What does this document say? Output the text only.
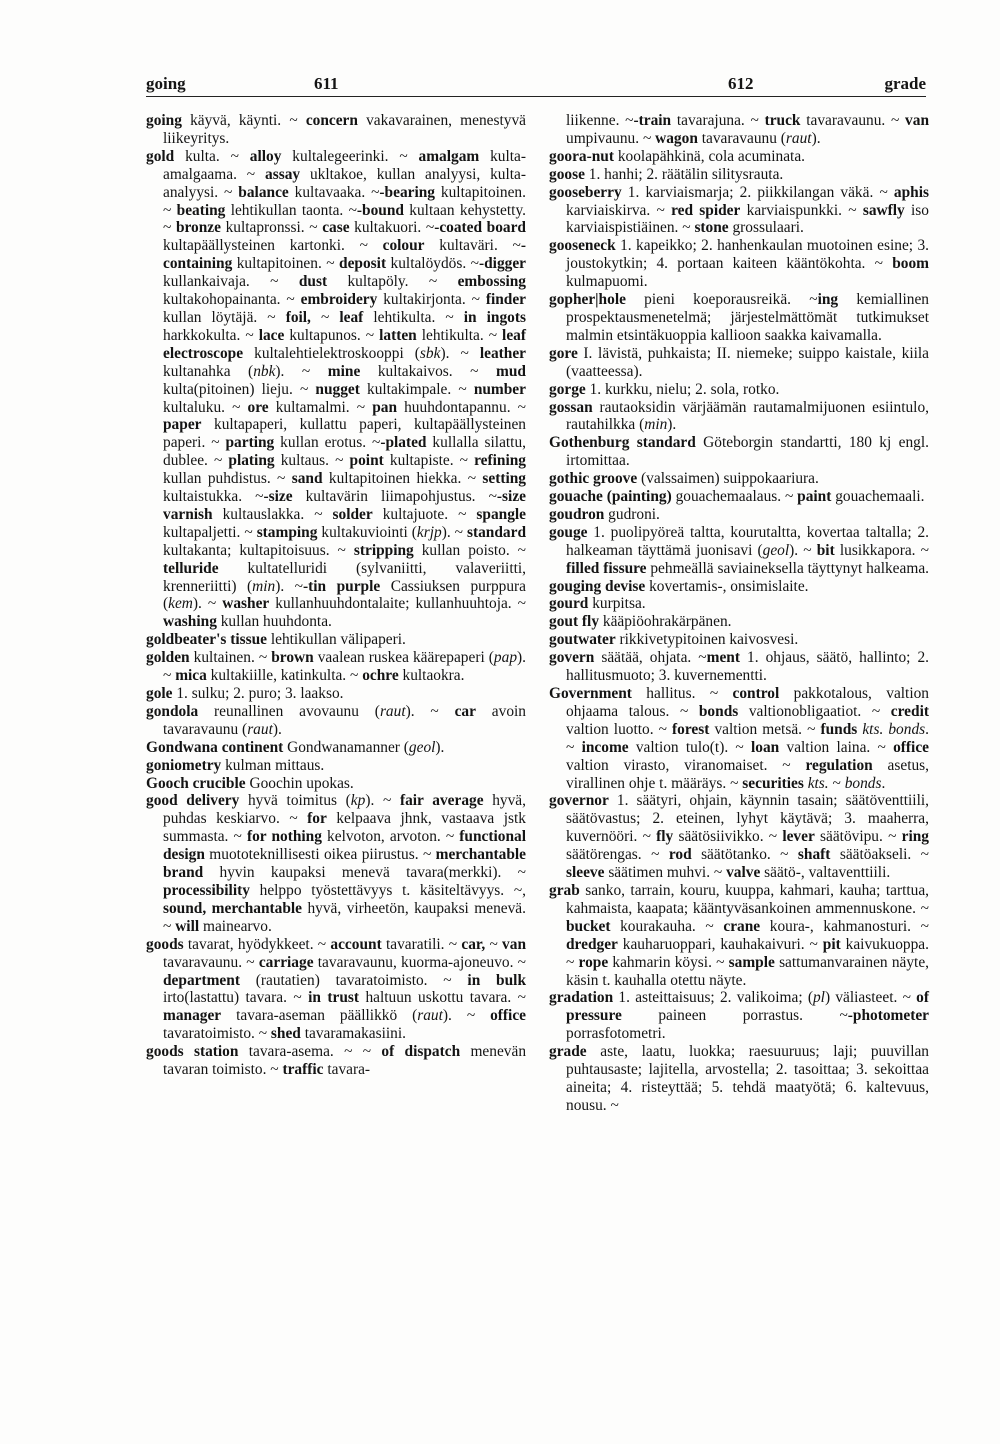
going	611	612	grade

going käyvä, käynti. ~ concern vakavarainen, menestyvä liikeyritys.

gold kulta. ~ alloy kultalegeerinki. ~ amalgam kulta-amalgaama. ~ assay ukltakoe, kullan analyysi, kulta-analyysi. ~ balance kultavaaka. ~-bearing kultapitoinen. ~ beating lehtikullan taonta. ~-bound kultaan kehystetty. ~ bronze kultapronssi. ~ case kultakuori. ~-coated board kultapäällysteinen kartonki. ~ colour kultaväri. ~-containing kultapitoinen. ~ deposit kultalöydös. ~-digger kullankaivaja. ~ dust kultapöly. ~ embossing kultakohopainanta. ~ embroidery kultakirjonta. ~ finder kullan löytäjä. ~ foil, ~ leaf lehtikulta. ~ in ingots harkkokulta. ~ lace kultapunos. ~ latten lehtikulta. ~ leaf electroscope kultalehtielektroskooppi (sbk). ~ leather kultanahka (nbk). ~ mine kultakaivos. ~ mud kulta(pitoinen) lieju. ~ nugget kultakimpale. ~ number kultaluku. ~ ore kultamalmi. ~ pan huuhdontapannu. ~ paper kultapaperi, kullattu paperi, kultapäällysteinen paperi. ~ parting kullan erotus. ~-plated kullalla silattu, dublee. ~ plating kultaus. ~ point kultapiste. ~ refining kullan puhdistus. ~ sand kultapitoinen hiekka. ~ setting kultaistukka. ~-size kultavärin liimapohjustus. ~-size varnish kultauslakka. ~ solder kultajuote. ~ spangle kultapaljetti. ~ stamping kultakuviointi (krjp). ~ standard kultakanta; kultapitoisuus. ~ stripping kullan poisto. ~ telluride kultatelluridi (sylvaniitti, valaveriitti, krenneriitti) (min). ~-tin purple Cassiuksen purppura (kem). ~ washer kullanhuuhdontalaite; kullanhuuhtoja. ~ washing kullan huuhdonta.

goldbeater's tissue lehtikullan välipaperi.

golden kultainen. ~ brown vaalean ruskea käärepaperi (pap). ~ mica kultakiille, katinkulta. ~ ochre kultaokra.

gole 1. sulku; 2. puro; 3. laakso.

gondola reunallinen avovaunu (raut). ~ car avoin tavaravaunu (raut).

Gondwana continent Gondwanamanner (geol).

goniometry kulman mittaus.

Gooch crucible Goochin upokas.

good delivery hyvä toimitus (kp). ~ fair average hyvä, puhdas keskiarvo. ~ for kelpaava jhnk, vastaava jstk summasta. ~ for nothing kelvoton, arvoton. ~ functional design muototeknillisesti oikea piirustus. ~ merchantable brand hyvin kaupaksi menevä tavara(merkki). ~ processibility helppo työstettävyys t. käsiteltävyys. ~, sound, merchantable hyvä, virheetön, kaupaksi menevä. ~ will mainearvo.

goods tavarat, hyödykkeet. ~ account tavaratili. ~ car, ~ van tavaravaunu. ~ carriage tavaravaunu, kuorma-ajoneuvo. ~ department (rautatien) tavaratoimisto. ~ in bulk irto(lastattu) tavara. ~ in trust haltuun uskottu tavara. ~ manager tavara-aseman päällikkö (raut). ~ office tavaratoimisto. ~ shed tavaramakasiini.

goods station tavara-asema. ~ ~ of dispatch menevän tavaran toimisto. ~ traffic tavara-

liikenne. ~-train tavarajuna. ~ truck tavaravaunu. ~ van umpivaunu. ~ wagon tavaravaunu (raut).

goora-nut koolapähkinä, cola acuminata.

goose 1. hanhi; 2. räätälin silitysrauta.

gooseberry 1. karviaismarja; 2. piikkilangan väkä. ~ aphis karviaiskirva. ~ red spider karviaispunkki. ~ sawfly iso karviaispistiäinen. ~ stone grossulaari.

gooseneck 1. kapeikko; 2. hanhenkaulan muotoinen esine; 3. joustokytkin; 4. portaan kaiteen kääntökohta. ~ boom kulmapuomi.

gopher|hole pieni koeporausreikä. ~ing kemiallinen prospektausmenetelmä; järjestelmättömät tutkimukset malmin etsintäkuoppia kallioon saakka kaivamalla.

gore I. lävistä, puhkaista; II. niemeke; suippo kaistale, kiila (vaatteessa).

gorge 1. kurkku, nielu; 2. sola, rotko.

gossan rautaoksidin värjäämän rautamalmijuonen esiintulo, rautahilkka (min).

Gothenburg standard Göteborgin standartti, 180 kj engl. irtomittaa.

gothic groove (valssaimen) suippokaariura.

gouache (painting) gouachemaalaus. ~ paint gouachemaali.

goudron gudroni.

gouge 1. puolipyöreä taltta, kourutaltta, kovertaa taltalla; 2. halkeaman täyttämä juonisavi (geol). ~ bit lusikkapora. ~ filled fissure pehmeällä saviaineksella täyttynyt halkeama.

gouging devise kovertamis-, onsimislaite.

gourd kurpitsa.

gout fly kääpiöohrakärpänen.

goutwater rikkivetypitoinen kaivosvesi.

govern säätää, ohjata. ~ment 1. ohjaus, säätö, hallinto; 2. hallitusmuoto; 3. kuvernementti.

Government hallitus. ~ control pakkotalous, valtion ohjaama talous. ~ bonds valtionobligaatiot. ~ credit valtion luotto. ~ forest valtion metsä. ~ funds kts. bonds. ~ income valtion tulo(t). ~ loan valtion laina. ~ office valtion virasto, viranomaiset. ~ regulation asetus, virallinen ohje t. määräys. ~ securities kts. ~ bonds.

governor 1. säätyri, ohjain, käynnin tasain; säätöventtiili, säätövastus; 2. eteinen, lyhyt käytävä; 3. maaherra, kuvernööri. ~ fly säätösiivikko. ~ lever säätövipu. ~ ring säätörengas. ~ rod säätötanko. ~ shaft säätöakseli. ~ sleeve säätimen muhvi. ~ valve säätö-, valtaventtiili.

grab sanko, tarrain, kouru, kuuppa, kahmari, kauha; tarttua, kahmaista, kaapata; kääntyväsankoinen ammennuskone. ~ bucket kourakauha. ~ crane koura-, kahmanosturi. ~ dredger kauharuoppari, kauhakaivuri. ~ pit kaivukuoppa. ~ rope kahmarin köysi. ~ sample sattumanvarainen näyte, käsin t. kauhalla otettu näyte.

gradation 1. asteittaisuus; 2. valikoima; (pl) väliasteet. ~ of pressure paineen porrastus. ~-photometer porrasfotometri.

grade aste, laatu, luokka; raesuuruus; laji; puuvillan puhtausaste; lajitella, arvostella; 2. tasoittaa; 3. sekoittaa aineita; 4. risteyttää; 5. tehdä maatyötä; 6. kaltevuus, nousu. ~
